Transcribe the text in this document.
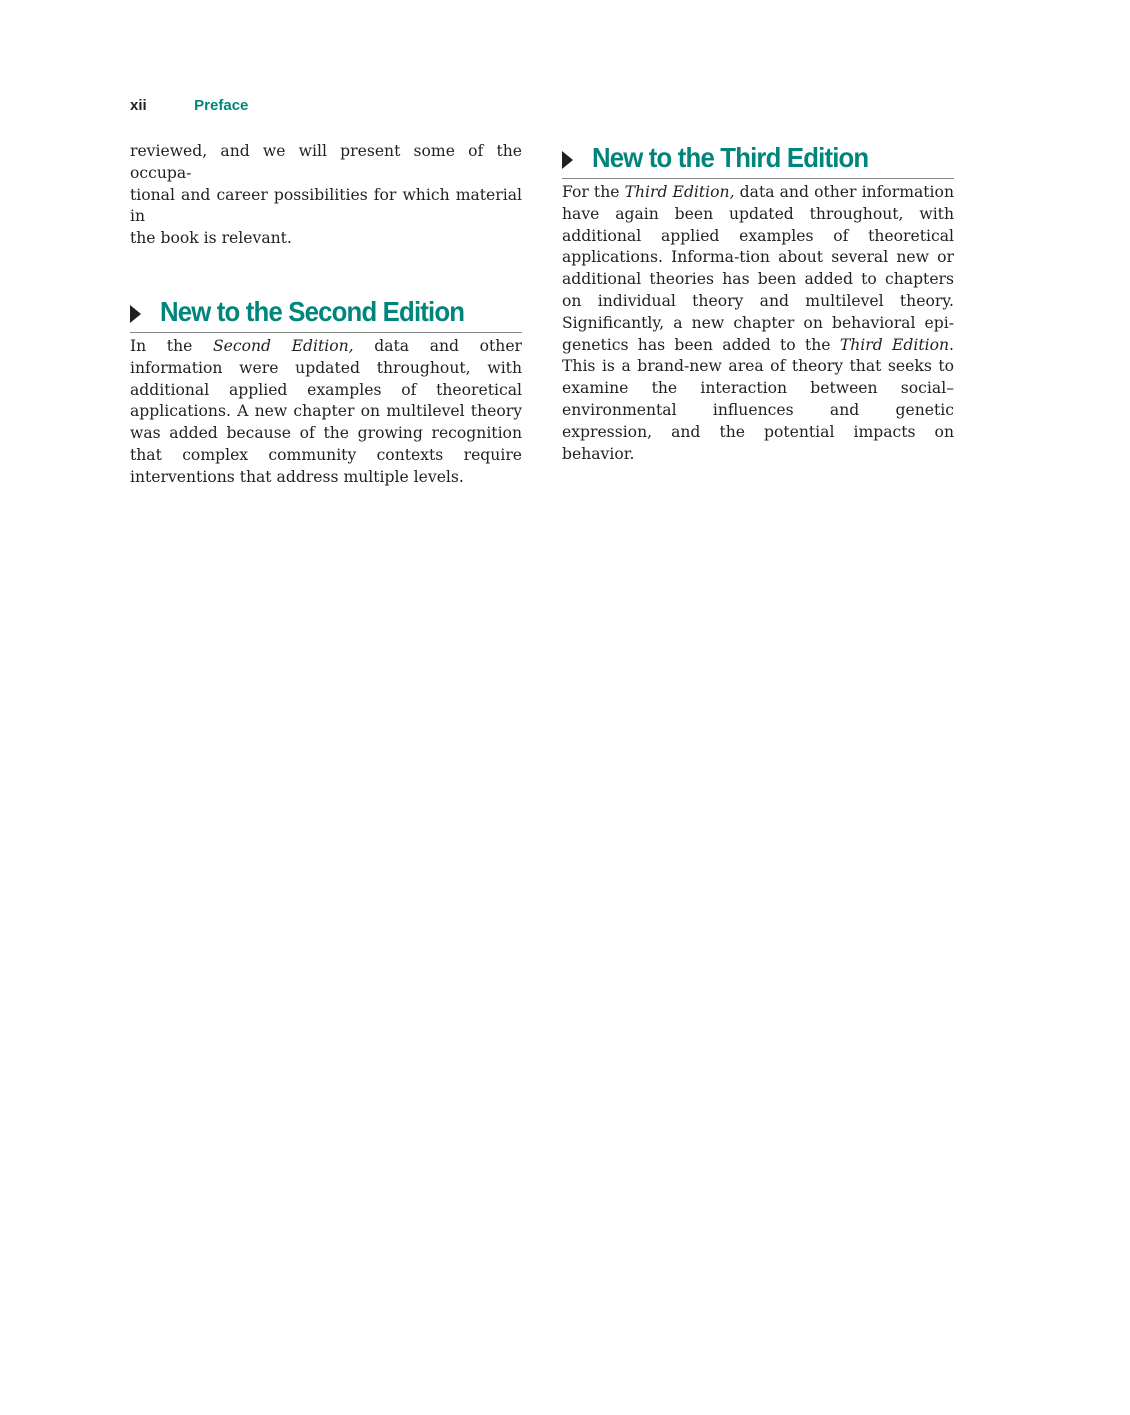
xii	Preface

reviewed, and we will present some of the occupa-
tional and career possibilities for which material in
the book is relevant.

New to the Second Edition

In the Second Edition, data and other information were updated throughout, with additional applied examples of theoretical applications. A new chapter on multilevel theory was added because of the growing recognition that complex community contexts require interventions that address multiple levels.

New to the Third Edition

For the Third Edition, data and other information have again been updated throughout, with additional applied examples of theoretical applications. Informa-tion about several new or additional theories has been added to chapters on individual theory and multilevel theory. Significantly, a new chapter on behavioral epi-genetics has been added to the Third Edition. This is a brand-new area of theory that seeks to examine the interaction between social–environmental influences and genetic expression, and the potential impacts on behavior.
